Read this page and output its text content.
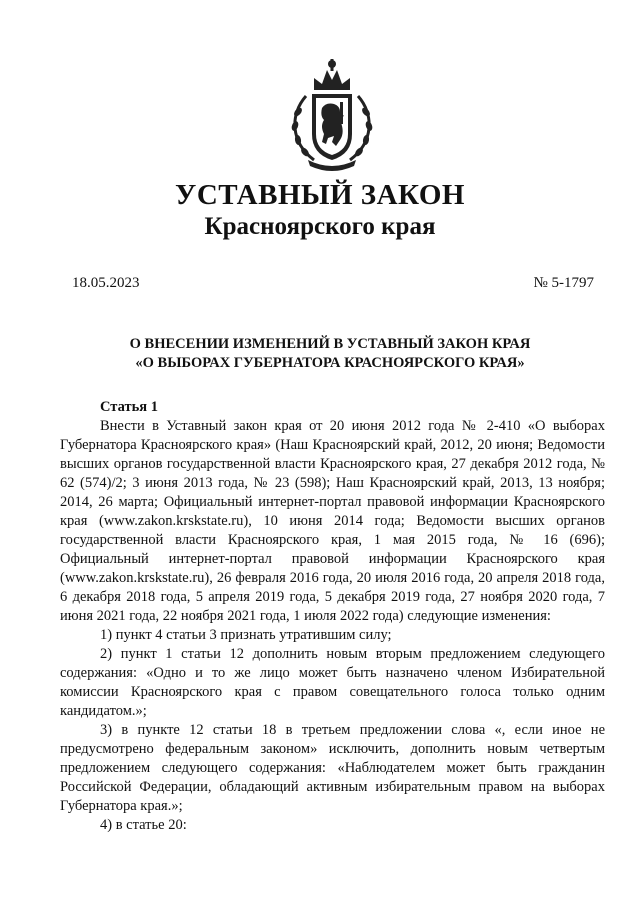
УСТАВНЫЙ ЗАКОН
Красноярского края
18.05.2023	№ 5-1797
О ВНЕСЕНИИ ИЗМЕНЕНИЙ В УСТАВНЫЙ ЗАКОН КРАЯ
«О ВЫБОРАХ ГУБЕРНАТОРА КРАСНОЯРСКОГО КРАЯ»

Статья 1

Внести в Уставный закон края от 20 июня 2012 года № 2-410 «О выборах Губернатора Красноярского края» (Наш Красноярский край, 2012, 20 июня; Ведомости высших органов государственной власти Красноярского края, 27 декабря 2012 года, № 62 (574)/2; 3 июня 2013 года, № 23 (598); Наш Красноярский край, 2013, 13 ноября; 2014, 26 марта; Официальный интернет-портал правовой информации Красноярского края (www.zakon.krskstate.ru), 10 июня 2014 года; Ведомости высших органов государственной власти Красноярского края, 1 мая 2015 года, № 16 (696); Официальный интернет-портал правовой информации Красноярского края (www.zakon.krskstate.ru), 26 февраля 2016 года, 20 июля 2016 года, 20 апреля 2018 года, 6 декабря 2018 года, 5 апреля 2019 года, 5 декабря 2019 года, 27 ноября 2020 года, 7 июня 2021 года, 22 ноября 2021 года, 1 июля 2022 года) следующие изменения:

1) пункт 4 статьи 3 признать утратившим силу;

2) пункт 1 статьи 12 дополнить новым вторым предложением следующего содержания: «Одно и то же лицо может быть назначено членом Избирательной комиссии Красноярского края с правом совещательного голоса только одним кандидатом.»;

3) в пункте 12 статьи 18 в третьем предложении слова «, если иное не предусмотрено федеральным законом» исключить, дополнить новым четвертым предложением следующего содержания: «Наблюдателем может быть гражданин Российской Федерации, обладающий активным избирательным правом на выборах Губернатора края.»;

4) в статье 20:
